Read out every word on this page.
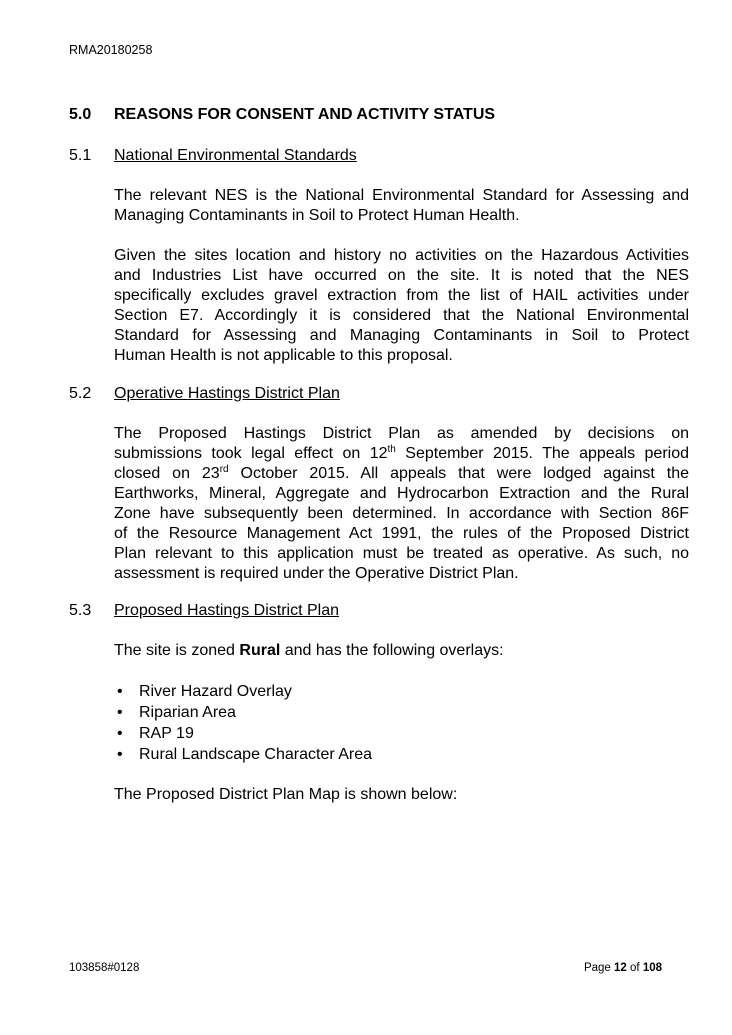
RMA20180258
5.0 REASONS FOR CONSENT AND ACTIVITY STATUS
5.1 National Environmental Standards
The relevant NES is the National Environmental Standard for Assessing and
Managing Contaminants in Soil to Protect Human Health.
Given the sites location and history no activities on the Hazardous Activities
and Industries List have occurred on the site. It is noted that the NES
specifically excludes gravel extraction from the list of HAIL activities under
Section E7. Accordingly it is considered that the National Environmental
Standard for Assessing and Managing Contaminants in Soil to Protect
Human Health is not applicable to this proposal.
5.2 Operative Hastings District Plan
The Proposed Hastings District Plan as amended by decisions on
submissions took legal effect on 12th September 2015. The appeals period
closed on 23rd October 2015. All appeals that were lodged against the
Earthworks, Mineral, Aggregate and Hydrocarbon Extraction and the Rural
Zone have subsequently been determined. In accordance with Section 86F
of the Resource Management Act 1991, the rules of the Proposed District
Plan relevant to this application must be treated as operative. As such, no
assessment is required under the Operative District Plan.
5.3 Proposed Hastings District Plan
The site is zoned Rural and has the following overlays:
• River Hazard Overlay
• Riparian Area
• RAP 19
• Rural Landscape Character Area
The Proposed District Plan Map is shown below:
103858#0128	Page 12 of 108
